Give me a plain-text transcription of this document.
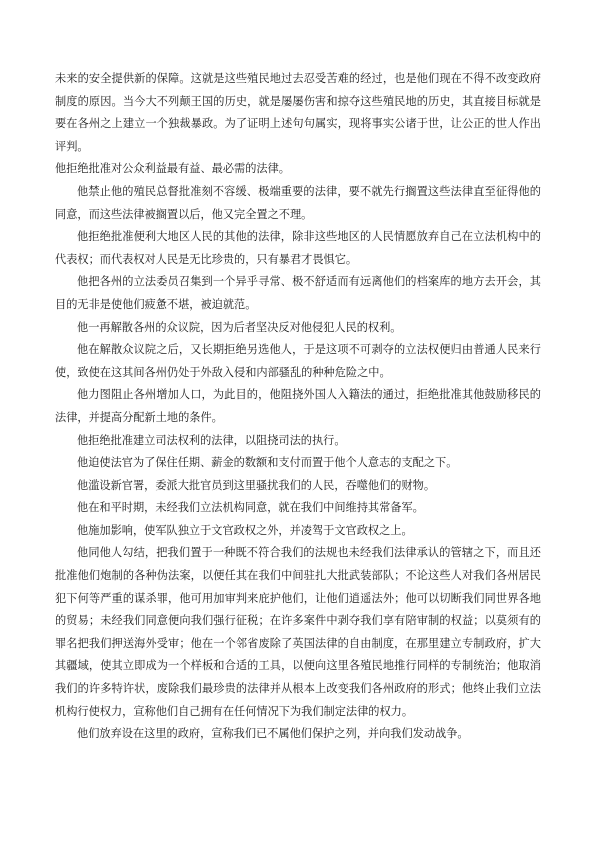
未来的安全提供新的保障。这就是这些殖民地过去忍受苦难的经过，也是他们现在不得不改变政府制度的原因。当今大不列颠王国的历史，就是屡屡伤害和掠夺这些殖民地的历史，其直接目标就是要在各州之上建立一个独裁暴政。为了证明上述句句属实，现将事实公诸于世，让公正的世人作出评判。

他拒绝批准对公众利益最有益、最必需的法律。

他禁止他的殖民总督批准刻不容缓、极端重要的法律，要不就先行搁置这些法律直至征得他的同意，而这些法律被搁置以后，他又完全置之不理。

他拒绝批准便利大地区人民的其他的法律，除非这些地区的人民情愿放弃自己在立法机构中的代表权；而代表权对人民是无比珍贵的，只有暴君才畏惧它。

他把各州的立法委员召集到一个异乎寻常、极不舒适而有远离他们的档案库的地方去开会，其目的无非是使他们疲惫不堪，被迫就范。

他一再解散各州的众议院，因为后者坚决反对他侵犯人民的权利。

他在解散众议院之后，又长期拒绝另选他人，于是这项不可剥夺的立法权便归由普通人民来行使，致使在这其间各州仍处于外敌入侵和内部骚乱的种种危险之中。

他力图阻止各州增加人口，为此目的，他阻挠外国人入籍法的通过，拒绝批准其他鼓励移民的法律，并提高分配新土地的条件。

他拒绝批准建立司法权利的法律，以阻挠司法的执行。

他迫使法官为了保住任期、薪金的数额和支付而置于他个人意志的支配之下。

他滥设新官署，委派大批官员到这里骚扰我们的人民，吞噬他们的财物。

他在和平时期，未经我们立法机构同意，就在我们中间维持其常备军。

他施加影响，使军队独立于文官政权之外，并凌驾于文官政权之上。

他同他人勾结，把我们置于一种既不符合我们的法规也未经我们法律承认的管辖之下，而且还批准他们炮制的各种伪法案，以便任其在我们中间驻扎大批武装部队；不论这些人对我们各州居民犯下何等严重的谋杀罪，他可用加审判来庇护他们，让他们逍遥法外；他可以切断我们同世界各地的贸易；未经我们同意便向我们强行征税；在许多案件中剥夺我们享有陪审制的权益；以莫须有的罪名把我们押送海外受审；他在一个邻省废除了英国法律的自由制度，在那里建立专制政府，扩大其疆域，使其立即成为一个样板和合适的工具，以便向这里各殖民地推行同样的专制统治；他取消我们的许多特许状，废除我们最珍贵的法律并从根本上改变我们各州政府的形式；他终止我们立法机构行使权力，宣称他们自己拥有在任何情况下为我们制定法律的权力。

他们放弃设在这里的政府，宣称我们已不属他们保护之列，并向我们发动战争。
